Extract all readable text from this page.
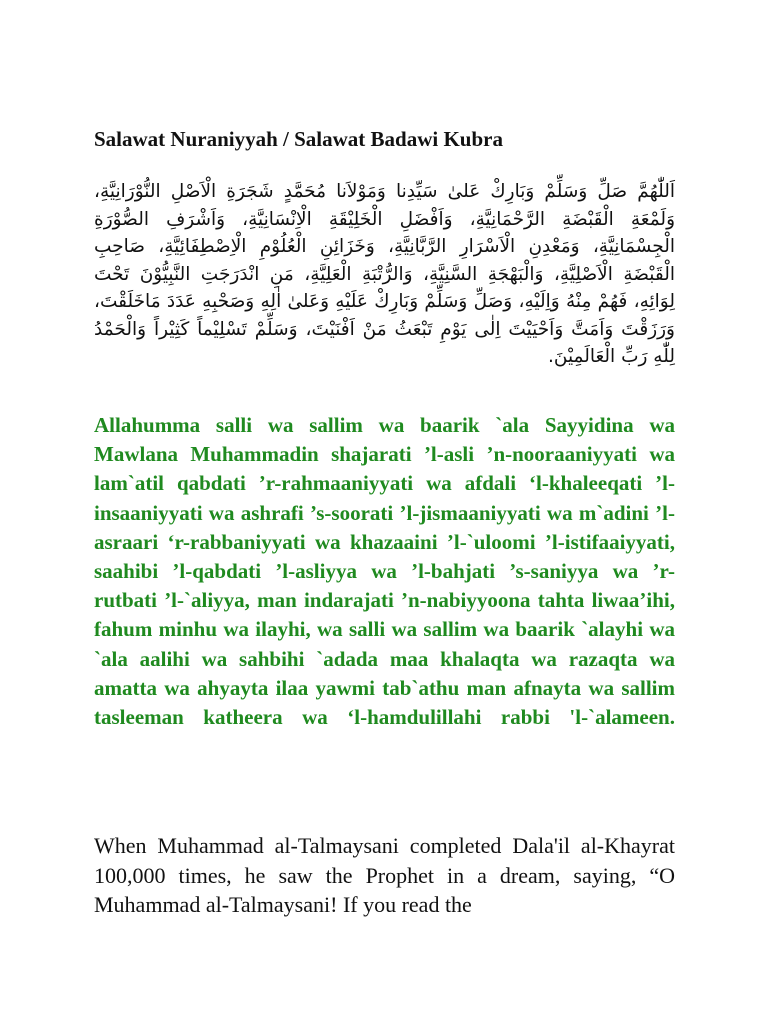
Salawat Nuraniyyah / Salawat Badawi Kubra

اَللّٰهُمَّ صَلِّ وَسَلِّمْ وَبَارِكْ عَلىٰ سَيِّدِنا وَمَوْلاَنا مُحَمَّدٍ شَجَرَةِ الْاَصْلِ النُّوْرَانِيَّةِ، وَلَمْعَةِ الْقَبْضَةِ الرَّحْمَانِيَّةِ، وَاَفْضَلِ الْخَلِيْقَةِ الْاِنْسَانِيَّةِ، وَاَشْرَفِ الصُّوْرَةِ الْجِسْمَانِيَّةِ، وَمَعْدِنِ الْاَسْرَارِ الرَّبَّانِيَّةِ، وَخَزَائِنِ الْعُلُوْمِ الْاِصْطِفَائِيَّةِ، صَاحِبِ الْقَبْضَةِ الْاَصْلِيَّةِ، وَالْبَهْجَةِ السَّنِيَّةِ، وَالرُّتْبَةِ الْعَلِيَّةِ، مَنِ انْدَرَجَتِ النَّبِيُّوْنَ تَحْتَ لِوَائِهِ، فَهُمْ مِنْهُ وَاِلَيْهِ، وَصَلِّ وَسَلِّمْ وَبَارِكْ عَلَيْهِ وَعَلىٰ اٰلِهِ وَصَحْبِهِ عَدَدَ مَاخَلَقْتَ، وَرَزَقْتَ وَاَمَتَّ وَاَحْيَيْتَ اِلٰى يَوْمِ تَبْعَثُ مَنْ اَفْنَيْتَ، وَسَلِّمْ تَسْلِيْماً كَثِيْراً وَالْحَمْدُ لِلّٰهِ رَبِّ الْعَالَمِيْنَ.

Allahumma salli wa sallim wa baarik `ala Sayyidina wa Mawlana Muhammadin shajarati ’l-asli ’n-nooraaniyyati wa lam`atil qabdati ’r-rahmaaniyyati wa afdali ‘l-khaleeqati ’l-insaaniyyati wa ashrafi ’s-soorati ’l-jismaaniyyati wa m`adini ’l-asraari ‘r-rabbaniyyati wa khazaaini ’l-`uloomi ’l-istifaaiyyati, saahibi ’l-qabdati ’l-asliyya wa ’l-bahjati ’s-saniyya wa ’r-rutbati ’l-`aliyya, man indarajati ’n-nabiyyoona tahta liwaa’ihi, fahum minhu wa ilayhi, wa salli wa sallim wa baarik `alayhi wa `ala aalihi wa sahbihi `adada maa khalaqta wa razaqta wa amatta wa ahyayta ilaa yawmi tab`athu man afnayta wa sallim tasleeman katheera wa ‘l-hamdulillahi rabbi 'l-`alameen.

When Muhammad al-Talmaysani completed Dala'il al-Khayrat 100,000 times, he saw the Prophet in a dream, saying, “O Muhammad al-Talmaysani! If you read the
